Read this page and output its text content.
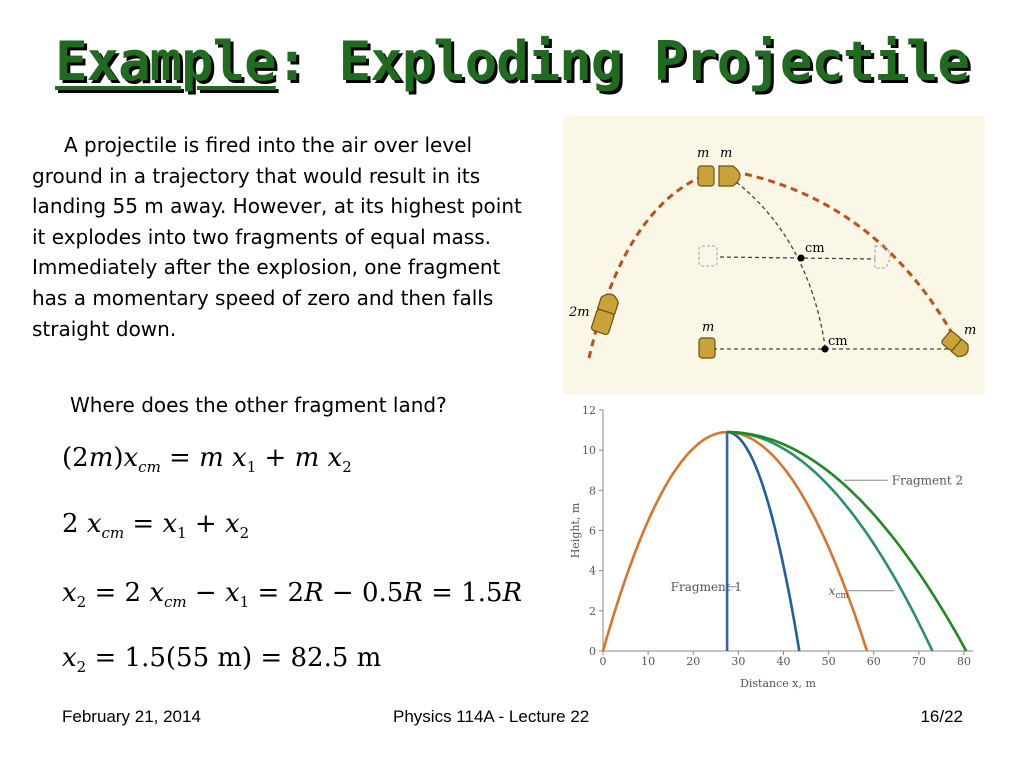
Example: Exploding Projectile

A projectile is fired into the air over level ground in a trajectory that would result in its landing 55 m away. However, at its highest point it explodes into two fragments of equal mass. Immediately after the explosion, one fragment has a momentary speed of zero and then falls straight down.

Where does the other fragment land?
$(2m)x_{cm} = m$ $x_1 + m$ $x_2$
2 $x_{cm} = x_1 + x_2$
$x_2 = 2$ $x_{cm} - x_1 = 2R - 0.5R = 1.5R$
$x_2 = 1.5(55$ m) = 82.5 m
m m
cm
2m
m
cm
m
0	10	20	30	40	50	60	70	80
0
2
4
6
8
10
12
Distance x, m
Height, m
Fragment 2
Fragment 1	$x_{cm}$
February 21, 2014	Physics 114A - Lecture 22	16/22
